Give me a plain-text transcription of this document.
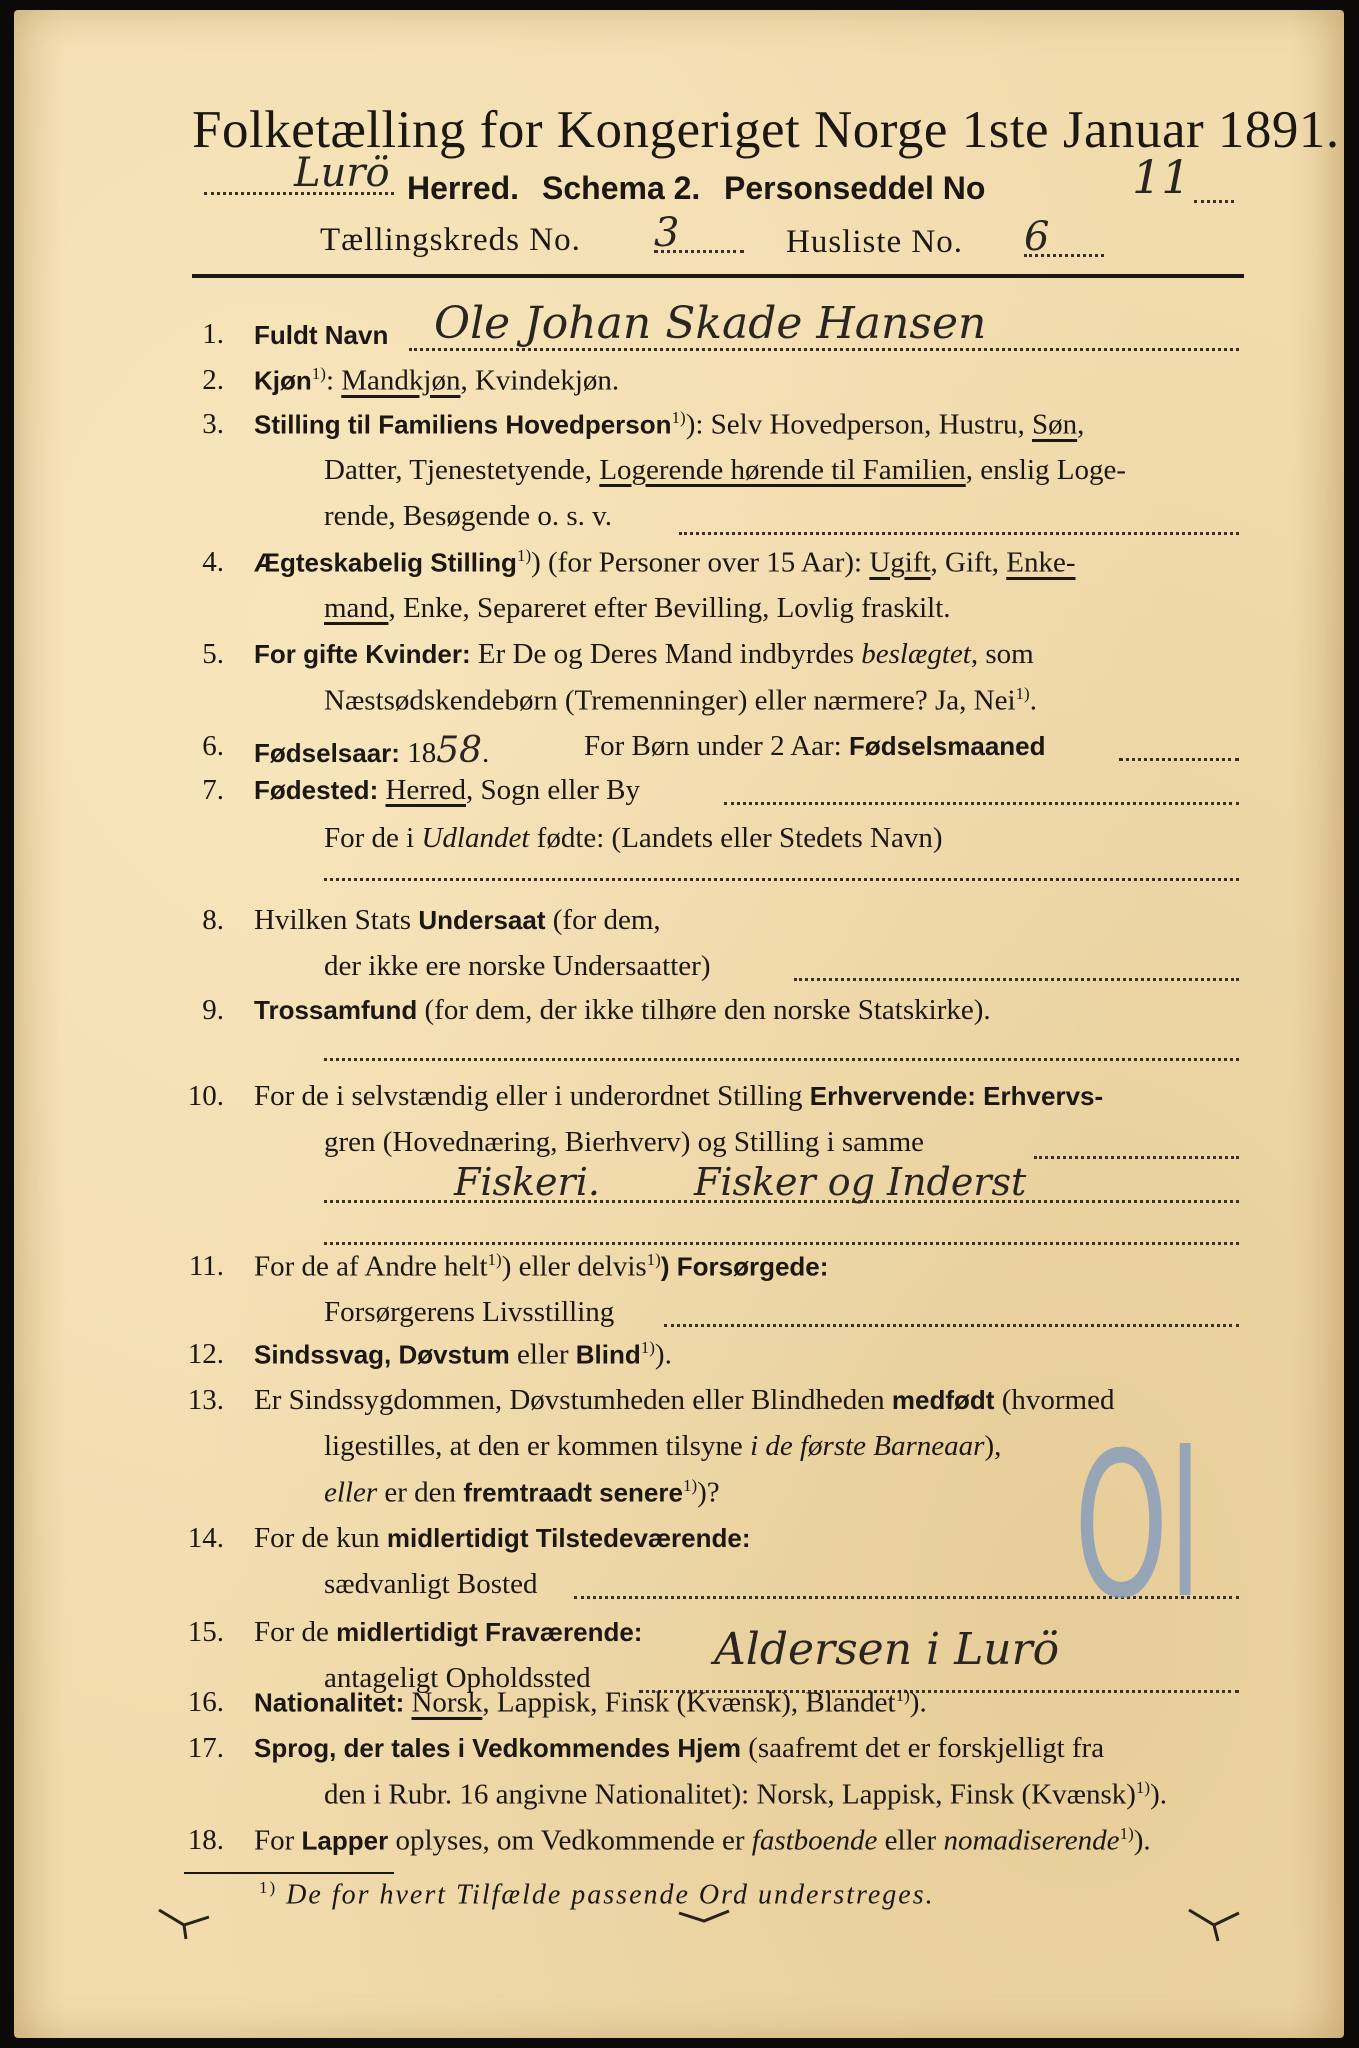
Folketælling for Kongeriget Norge 1ste Januar 1891.
Lurö Herred. Schema 2. Personseddel No	11
Tællingskreds No. 3	Husliste No. 6
1. Fuldt Navn Ole Johan Skade Hansen
2. Kjøn$^{1)}$: Mandkjøn, Kvindekjøn.
3. Stilling til Familiens Hovedperson$^{1)}$): Selv Hovedperson, Hustru, Søn,
Datter, Tjenestetyende, Logerende hørende til Familien, enslig Loge-
rende, Besøgende o. s. v.
4. Ægteskabelig Stilling$^{1)}$) (for Personer over 15 Aar): Ugift, Gift, Enke-
mand, Enke, Separeret efter Bevilling, Lovlig fraskilt.
5. For gifte Kvinder: Er De og Deres Mand indbyrdes beslægtet, som
Næstsødskendebørn (Tremenninger) eller nærmere? Ja, Nei$^{1)}$.
6. Fødselsaar: 1858.	For Børn under 2 Aar: Fødselsmaaned
7. Fødested: Herred, Sogn eller By
For de i Udlandet fødte: (Landets eller Stedets Navn)
8. Hvilken Stats Undersaat (for dem,
der ikke ere norske Undersaatter)
9. Trossamfund (for dem, der ikke tilhøre den norske Statskirke).
10. For de i selvstændig eller i underordnet Stilling Erhvervende: Erhvervs-
gren (Hovednæring, Bierhverv) og Stilling i samme
Fiskeri. Fisker og Inderst
11. For de af Andre helt$^{1)}$) eller delvis$^{1)}$) Forsørgede:
Forsørgerens Livsstilling
12. Sindssvag, Døvstum eller Blind$^{1)}$).
13. Er Sindssygdommen, Døvstumheden eller Blindheden medfødt (hvormed
ligestilles, at den er kommen tilsyne i de første Barneaar),
eller er den fremtraadt senere$^{1)}$)?
14. For de kun midlertidigt Tilstedeværende:
sædvanligt Bosted
15. For de midlertidigt Fraværende:
antageligt Opholdssted
Aldersen i Lurö
16. Nationalitet: Norsk, Lappisk, Finsk (Kvænsk), Blandet$^{1)}$).
17. Sprog, der tales i Vedkommendes Hjem (saafremt det er forskjelligt fra
den i Rubr. 16 angivne Nationalitet): Norsk, Lappisk, Finsk (Kvænsk)$^{1)}$).
18. For Lapper oplyses, om Vedkommende er fastboende eller nomadiserende$^{1)}$).
$^{1)}$ De for hvert Tilfælde passende Ord understreges.
Ol
